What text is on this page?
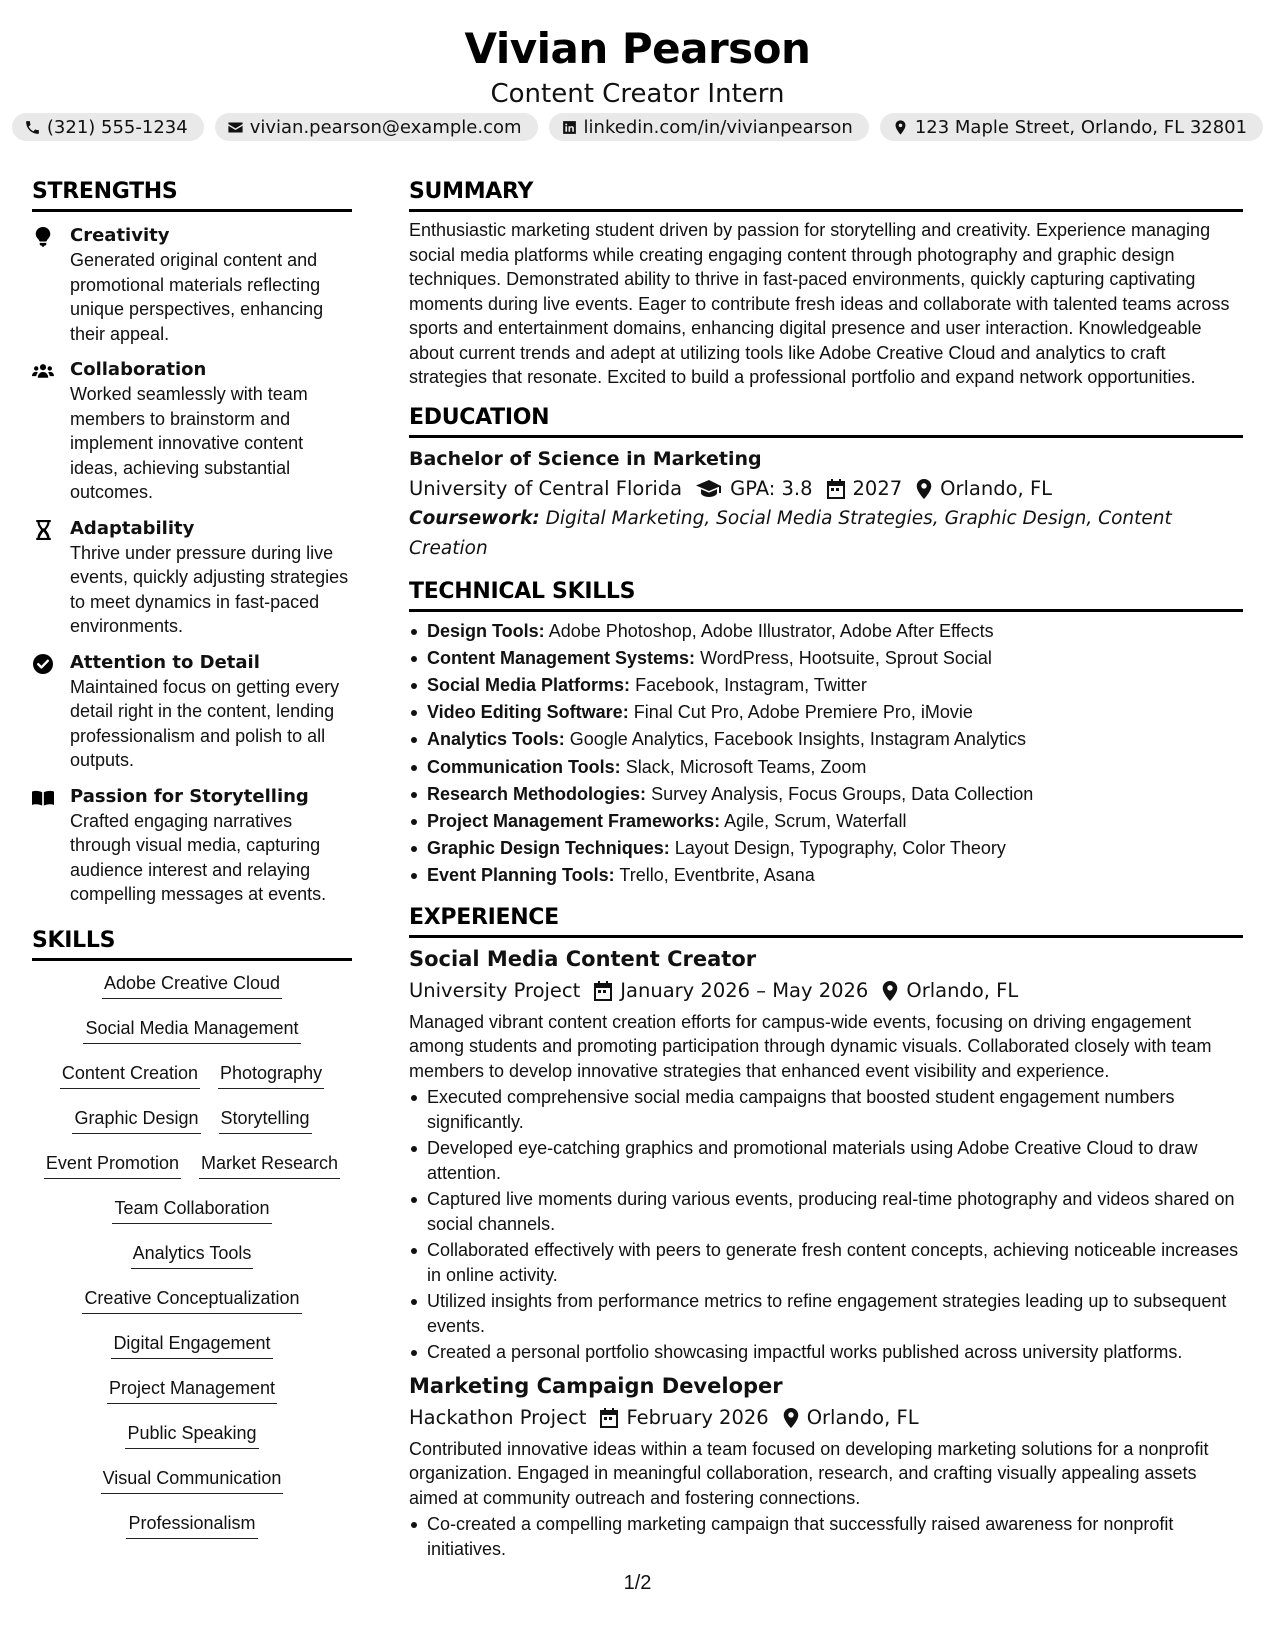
Vivian Pearson
Content Creator Intern
(321) 555-1234	vivian.pearson@example.com	linkedin.com/in/vivianpearson	123 Maple Street, Orlando, FL 32801
STRENGTHS
Creativity
Generated original content and promotional materials reflecting unique perspectives, enhancing their appeal.
Collaboration
Worked seamlessly with team members to brainstorm and implement innovative content ideas, achieving substantial outcomes.
Adaptability
Thrive under pressure during live events, quickly adjusting strategies to meet dynamics in fast-paced environments.
Attention to Detail
Maintained focus on getting every detail right in the content, lending professionalism and polish to all outputs.
Passion for Storytelling
Crafted engaging narratives through visual media, capturing audience interest and relaying compelling messages at events.
SKILLS
Adobe Creative Cloud
Social Media Management
Content Creation Photography
Graphic Design Storytelling
Event Promotion Market Research
Team Collaboration
Analytics Tools
Creative Conceptualization
Digital Engagement
Project Management
Public Speaking
Visual Communication
Professionalism
SUMMARY
Enthusiastic marketing student driven by passion for storytelling and creativity. Experience managing social media platforms while creating engaging content through photography and graphic design techniques. Demonstrated ability to thrive in fast-paced environments, quickly capturing captivating moments during live events. Eager to contribute fresh ideas and collaborate with talented teams across sports and entertainment domains, enhancing digital presence and user interaction. Knowledgeable about current trends and adept at utilizing tools like Adobe Creative Cloud and analytics to craft strategies that resonate. Excited to build a professional portfolio and expand network opportunities.
EDUCATION
Bachelor of Science in Marketing
University of Central Florida GPA: 3.8 2027 Orlando, FL
Coursework: Digital Marketing, Social Media Strategies, Graphic Design, Content Creation
TECHNICAL SKILLS
Design Tools: Adobe Photoshop, Adobe Illustrator, Adobe After Effects
Content Management Systems: WordPress, Hootsuite, Sprout Social
Social Media Platforms: Facebook, Instagram, Twitter
Video Editing Software: Final Cut Pro, Adobe Premiere Pro, iMovie
Analytics Tools: Google Analytics, Facebook Insights, Instagram Analytics
Communication Tools: Slack, Microsoft Teams, Zoom
Research Methodologies: Survey Analysis, Focus Groups, Data Collection
Project Management Frameworks: Agile, Scrum, Waterfall
Graphic Design Techniques: Layout Design, Typography, Color Theory
Event Planning Tools: Trello, Eventbrite, Asana
EXPERIENCE
Social Media Content Creator
University Project January 2026 – May 2026 Orlando, FL
Managed vibrant content creation efforts for campus-wide events, focusing on driving engagement among students and promoting participation through dynamic visuals. Collaborated closely with team members to develop innovative strategies that enhanced event visibility and experience.
Executed comprehensive social media campaigns that boosted student engagement numbers significantly.
Developed eye-catching graphics and promotional materials using Adobe Creative Cloud to draw attention.
Captured live moments during various events, producing real-time photography and videos shared on social channels.
Collaborated effectively with peers to generate fresh content concepts, achieving noticeable increases in online activity.
Utilized insights from performance metrics to refine engagement strategies leading up to subsequent events.
Created a personal portfolio showcasing impactful works published across university platforms.
Marketing Campaign Developer
Hackathon Project February 2026 Orlando, FL
Contributed innovative ideas within a team focused on developing marketing solutions for a nonprofit organization. Engaged in meaningful collaboration, research, and crafting visually appealing assets aimed at community outreach and fostering connections.
Co-created a compelling marketing campaign that successfully raised awareness for nonprofit initiatives.
1/2
